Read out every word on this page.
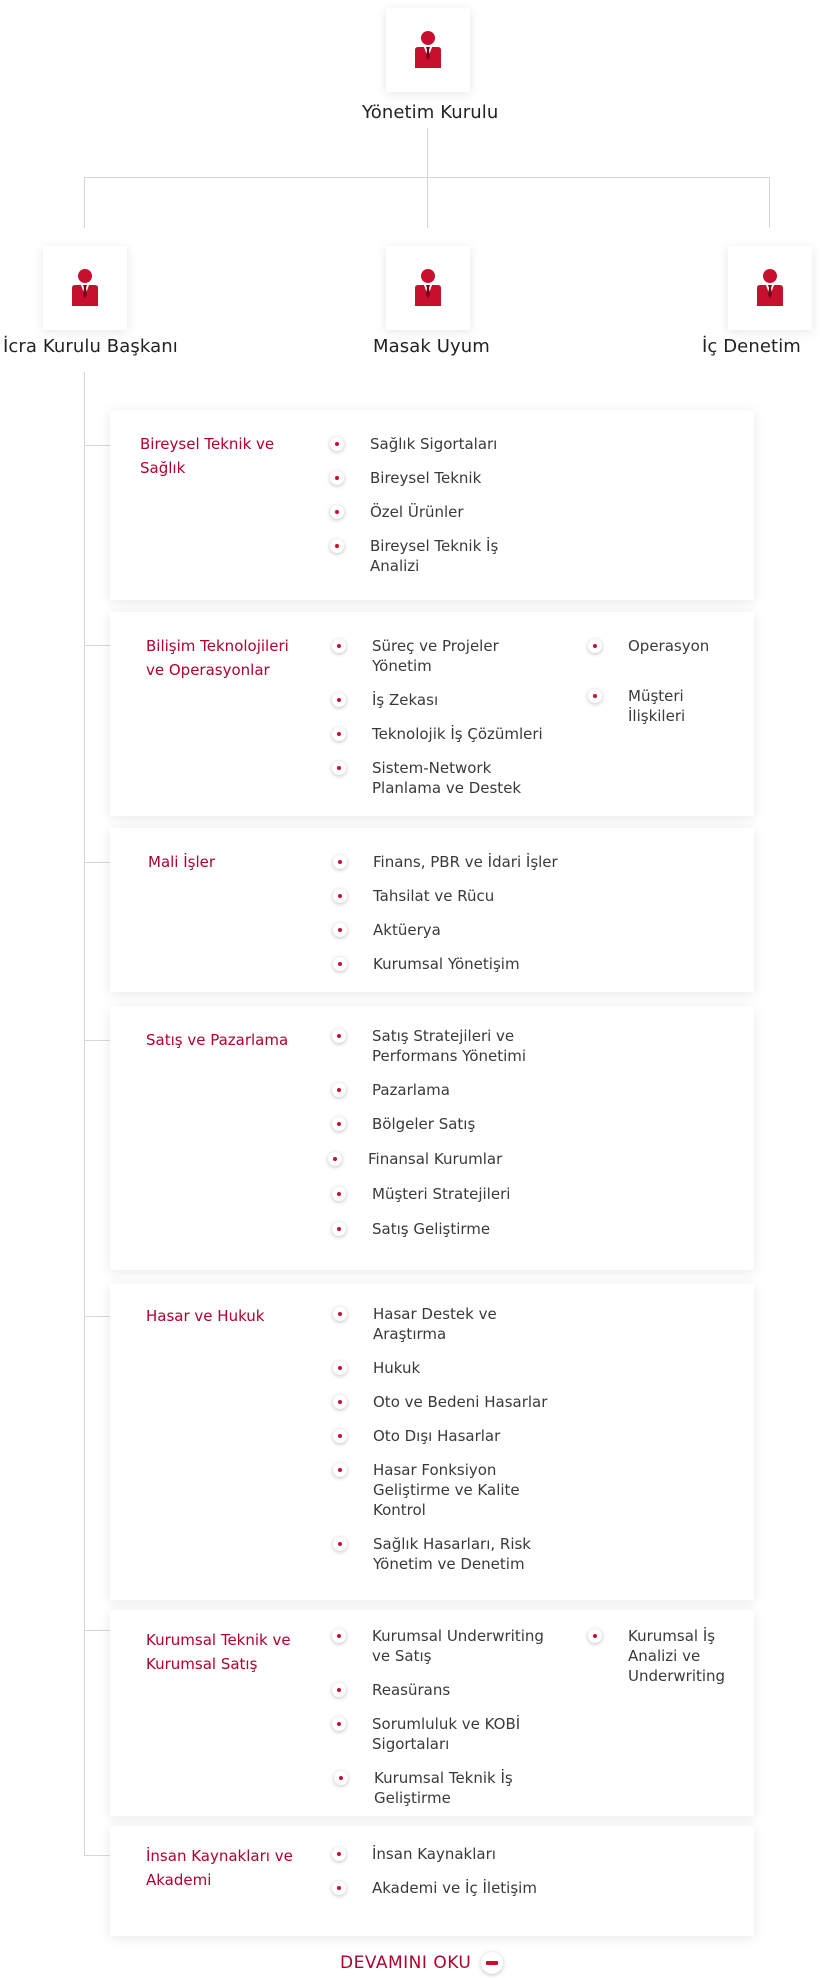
Yönetim Kurulu
İcra Kurulu Başkanı	Masak Uyum	İç Denetim
Bireysel Teknik ve Sağlık
Sağlık Sigortaları
Bireysel Teknik
Özel Ürünler
Bireysel Teknik İş Analizi
Bilişim Teknolojileri ve Operasyonlar
Süreç ve Projeler Yönetim
İş Zekası
Teknolojik İş Çözümleri
Sistem-Network Planlama ve Destek
Operasyon
Müşteri İlişkileri
Mali İşler	Finans, PBR ve İdari İşler
Tahsilat ve Rücu
Aktüerya
Kurumsal Yönetişim
Satış ve Pazarlama	Satış Stratejileri ve Performans Yönetimi
Pazarlama
Bölgeler Satış
Finansal Kurumlar
Müşteri Stratejileri
Satış Geliştirme
Hasar ve Hukuk	Hasar Destek ve Araştırma
Hukuk
Oto ve Bedeni Hasarlar
Oto Dışı Hasarlar
Hasar Fonksiyon Geliştirme ve Kalite Kontrol
Sağlık Hasarları, Risk Yönetim ve Denetim
Kurumsal Teknik ve Kurumsal Satış
Kurumsal Underwriting ve Satış
Reasürans
Sorumluluk ve KOBİ Sigortaları
Kurumsal Teknik İş Geliştirme
Kurumsal İş Analizi ve Underwriting
İnsan Kaynakları ve Akademi
İnsan Kaynakları
Akademi ve İç İletişim
DEVAMINI OKU
